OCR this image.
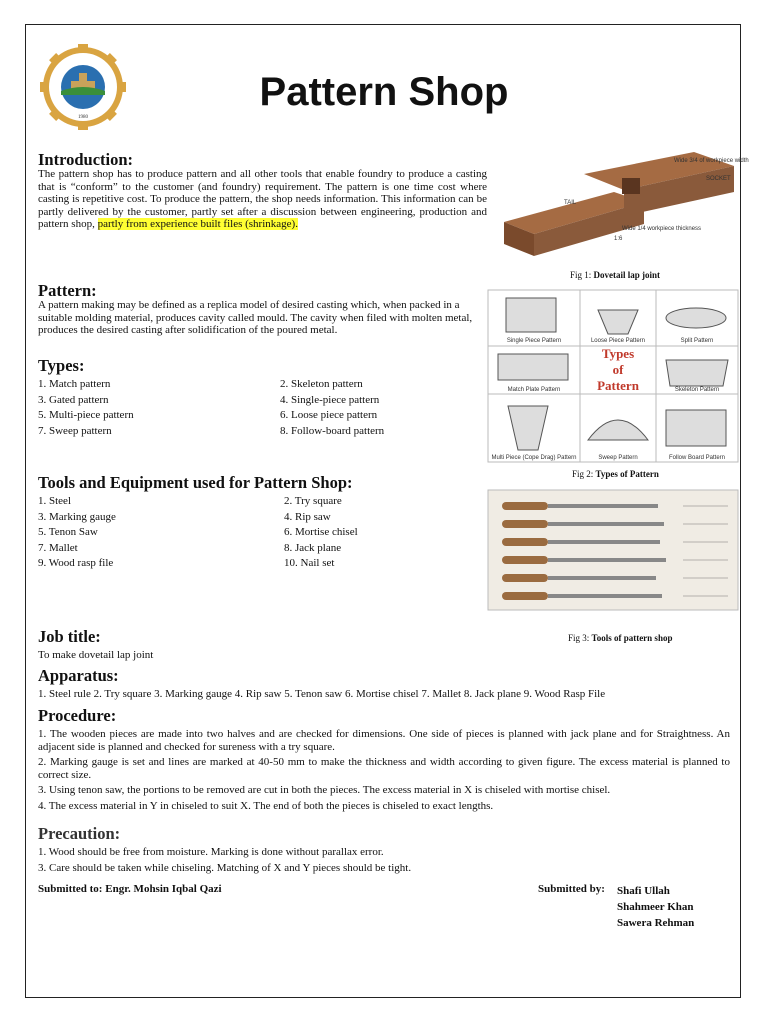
1980
Pattern Shop
Introduction:

The pattern shop has to produce pattern and all other tools that enable foundry to produce a casting that is “conform” to the customer (and foundry) requirement. The pattern is one time cost where casting is repetitive cost. To produce the pattern, the shop needs information. This information can be partly delivered by the customer, partly set after a discussion between engineering, production and pattern shop, partly from experience built files (shrinkage).

Wide 3/4 of workpiece width
SOCKET
TAIL
1:6
Wide 1/4 workpiece thickness
Fig 1: Dovetail lap joint
Pattern:

A pattern making may be defined as a replica model of desired casting which, when packed in a suitable molding material, produces cavity called mould. The cavity when filed with molten metal, produces the desired casting after solidification of the poured metal.

Types
of
Pattern
Single Piece Pattern	Loose Piece Pattern	Split Pattern
Match Plate Pattern	Skeleton Pattern
Multi Piece (Cope Drag) Pattern	Sweep Pattern	Follow Board Pattern
Fig 2: Types of Pattern
Types:
1. Match pattern
3. Gated pattern
5. Multi-piece pattern
7. Sweep pattern
2. Skeleton pattern
4. Single-piece pattern
6. Loose piece pattern
8. Follow-board pattern
Tools and Equipment used for Pattern Shop:
1. Steel
3. Marking gauge
5. Tenon Saw
7. Mallet
9. Wood rasp file
2. Try square
4. Rip saw
6. Mortise chisel
8. Jack plane
10. Nail set
Fig 3: Tools of pattern shop
Job title:

To make dovetail lap joint

Apparatus:

1. Steel rule 2. Try square 3. Marking gauge 4. Rip saw 5. Tenon saw 6. Mortise chisel 7. Mallet 8. Jack plane 9. Wood Rasp File

Procedure:

1. The wooden pieces are made into two halves and are checked for dimensions. One side of pieces is planned with jack plane and for Straightness. An adjacent side is planned and checked for sureness with a try square.

2. Marking gauge is set and lines are marked at 40-50 mm to make the thickness and width according to given figure. The excess material is planned to correct size.

3. Using tenon saw, the portions to be removed are cut in both the pieces. The excess material in X is chiseled with mortise chisel.

4. The excess material in Y in chiseled to suit X. The end of both the pieces is chiseled to exact lengths.

Precaution:

1. Wood should be free from moisture. Marking is done without parallax error.

3. Care should be taken while chiseling. Matching of X and Y pieces should be tight.

Submitted to: Engr. Mohsin Iqbal Qazi	Submitted by: Shafi Ullah
Shahmeer Khan
Sawera Rehman
